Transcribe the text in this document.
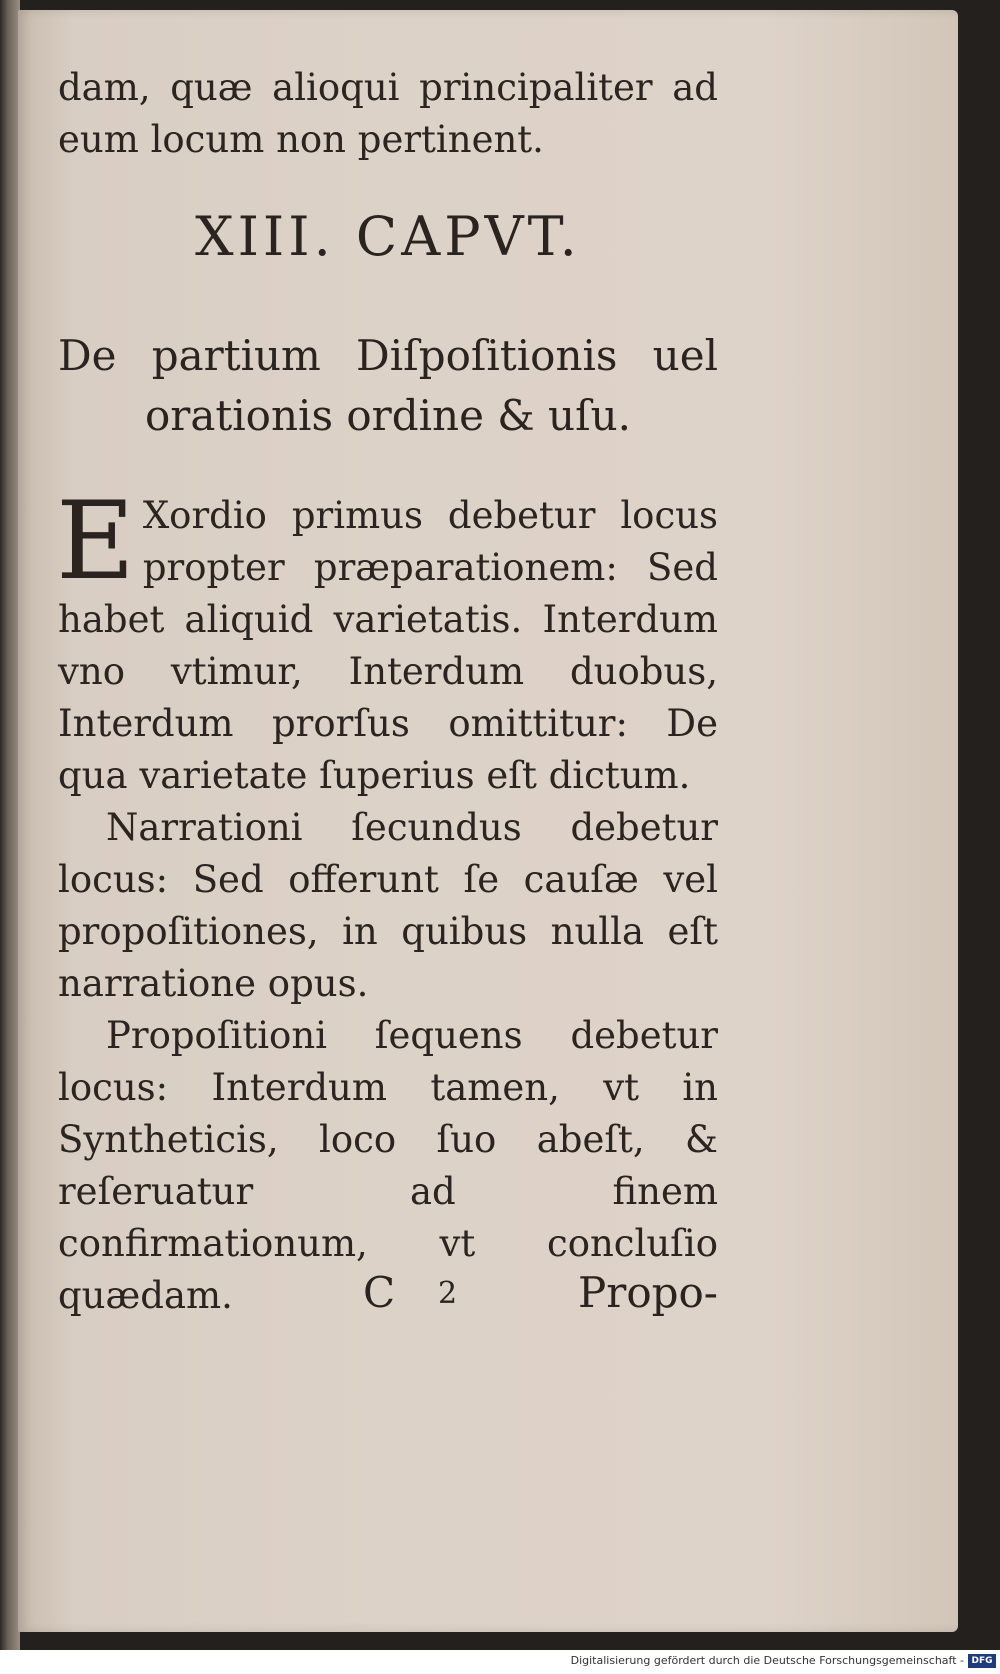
dam, quæ alioqui principaliter ad eum locum non pertinent.

XIII. CAPVT.
De partium Diſpoſitionis uel
orationis ordine & uſu.

E Xordio primus debetur locus propter præparationem: Sed habet aliquid varietatis. Interdum vno vtimur, Interdum duobus, Interdum prorſus omittitur: De qua varietate ſuperius eſt dictum.

Narrationi ſecundus debetur locus: Sed offerunt ſe cauſæ vel propoſitiones, in quibus nulla eſt narratione opus.

Propoſitioni ſequens debetur locus: Interdum tamen, vt in Syntheticis, loco ſuo abeſt, & reſeruatur ad finem confirmationum, vt concluſio quædam.	C 2	Propo-
Digitalisierung gefördert durch die Deutsche Forschungsgemeinschaft - DFG
